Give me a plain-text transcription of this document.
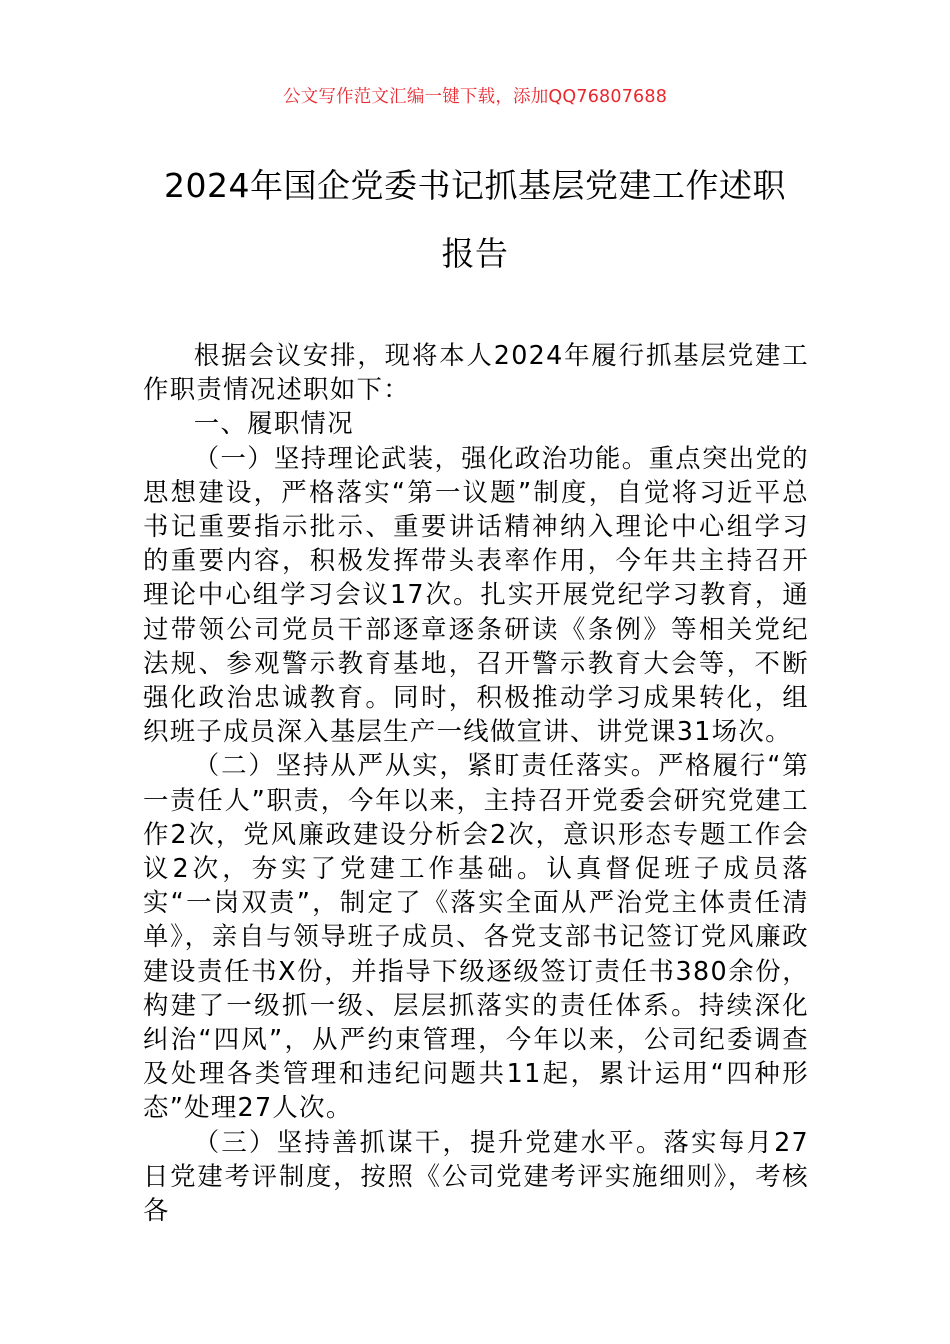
公文写作范文汇编一键下载，添加QQ76807688
2024年国企党委书记抓基层党建工作述职
报告

根据会议安排，现将本人2024年履行抓基层党建工作职责情况述职如下：

一、履职情况

（一）坚持理论武装，强化政治功能。重点突出党的思想建设，严格落实“第一议题”制度，自觉将习近平总书记重要指示批示、重要讲话精神纳入理论中心组学习的重要内容，积极发挥带头表率作用，今年共主持召开理论中心组学习会议17次。扎实开展党纪学习教育，通过带领公司党员干部逐章逐条研读《条例》等相关党纪法规、参观警示教育基地，召开警示教育大会等，不断强化政治忠诚教育。同时，积极推动学习成果转化，组织班子成员深入基层生产一线做宣讲、讲党课31场次。

（二）坚持从严从实，紧盯责任落实。严格履行“第一责任人”职责，今年以来，主持召开党委会研究党建工作2次，党风廉政建设分析会2次，意识形态专题工作会议2次，夯实了党建工作基础。认真督促班子成员落实“一岗双责”，制定了《落实全面从严治党主体责任清单》，亲自与领导班子成员、各党支部书记签订党风廉政建设责任书X份，并指导下级逐级签订责任书380余份，构建了一级抓一级、层层抓落实的责任体系。持续深化纠治“四风”，从严约束管理，今年以来，公司纪委调查及处理各类管理和违纪问题共11起，累计运用“四种形态”处理27人次。

（三）坚持善抓谋干，提升党建水平。落实每月27日党建考评制度，按照《公司党建考评实施细则》，考核各
